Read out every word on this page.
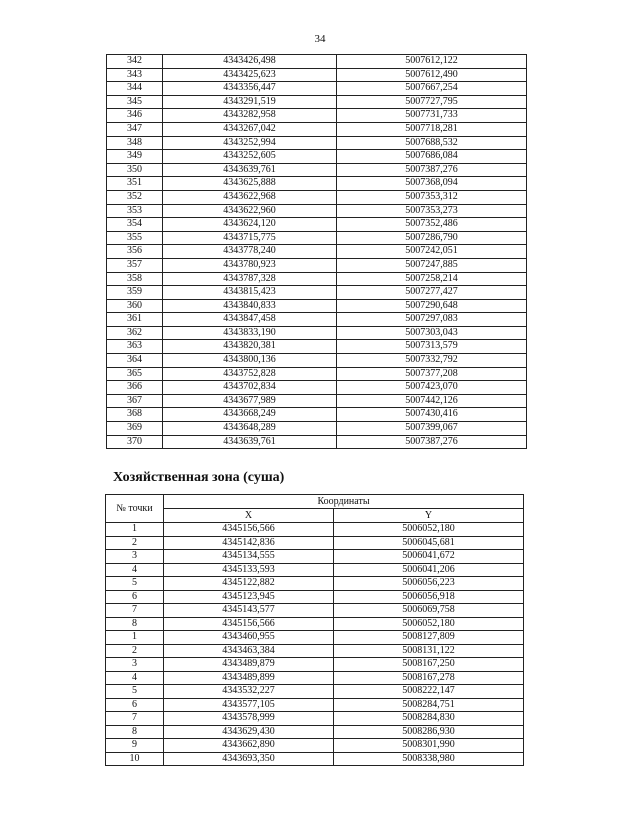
34
342	4343426,498	5007612,122
343	4343425,623	5007612,490
344	4343356,447	5007667,254
345	4343291,519	5007727,795
346	4343282,958	5007731,733
347	4343267,042	5007718,281
348	4343252,994	5007688,532
349	4343252,605	5007686,084
350	4343639,761	5007387,276
351	4343625,888	5007368,094
352	4343622,968	5007353,312
353	4343622,960	5007353,273
354	4343624,120	5007352,486
355	4343715,775	5007286,790
356	4343778,240	5007242,051
357	4343780,923	5007247,885
358	4343787,328	5007258,214
359	4343815,423	5007277,427
360	4343840,833	5007290,648
361	4343847,458	5007297,083
362	4343833,190	5007303,043
363	4343820,381	5007313,579
364	4343800,136	5007332,792
365	4343752,828	5007377,208
366	4343702,834	5007423,070
367	4343677,989	5007442,126
368	4343668,249	5007430,416
369	4343648,289	5007399,067
370	4343639,761	5007387,276
Хозяйственная зона (суша)
№ точки	Координаты	
	X	Y
1	4345156,566	5006052,180
2	4345142,836	5006045,681
3	4345134,555	5006041,672
4	4345133,593	5006041,206
5	4345122,882	5006056,223
6	4345123,945	5006056,918
7	4345143,577	5006069,758
8	4345156,566	5006052,180
1	4343460,955	5008127,809
2	4343463,384	5008131,122
3	4343489,879	5008167,250
4	4343489,899	5008167,278
5	4343532,227	5008222,147
6	4343577,105	5008284,751
7	4343578,999	5008284,830
8	4343629,430	5008286,930
9	4343662,890	5008301,990
10	4343693,350	5008338,980
